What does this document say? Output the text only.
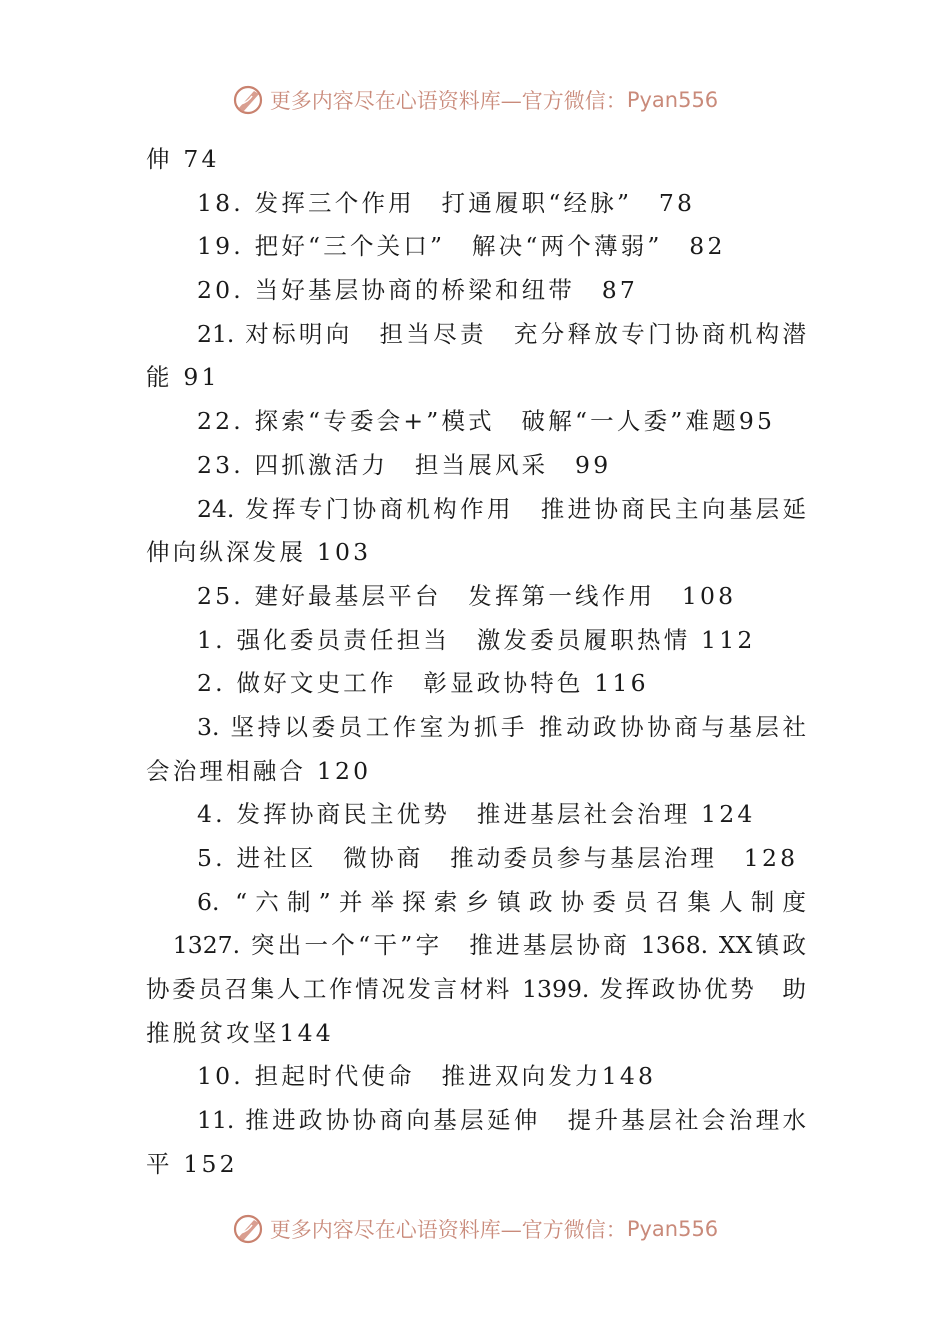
更多内容尽在心语资料库—官方微信：Pyan556
伸 74
18. 发挥三个作用　打通履职“经脉”　78
19. 把好“三个关口”　解决“两个薄弱”　82
20. 当好基层协商的桥梁和纽带　87
21. 对标明向　担当尽责　充分释放专门协商机构潜
能 91
22. 探索“专委会+”模式　破解“一人委”难题95
23. 四抓激活力　担当展风采　99
24. 发挥专门协商机构作用　推进协商民主向基层延
伸向纵深发展 103
25. 建好最基层平台　发挥第一线作用　108
1. 强化委员责任担当　激发委员履职热情 112
2. 做好文史工作　彰显政协特色 116
3. 坚持以委员工作室为抓手 推动政协协商与基层社
会治理相融合 120
4. 发挥协商民主优势　推进基层社会治理 124
5. 进社区　微协商　推动委员参与基层治理　128
6. “六制”并举探索乡镇政协委员召集人制度
　1327. 突出一个“干”字　推进基层协商 1368. XX镇政
协委员召集人工作情况发言材料 1399. 发挥政协优势　助
推脱贫攻坚144
10. 担起时代使命　推进双向发力148
11. 推进政协协商向基层延伸　提升基层社会治理水
平 152
更多内容尽在心语资料库—官方微信：Pyan556
